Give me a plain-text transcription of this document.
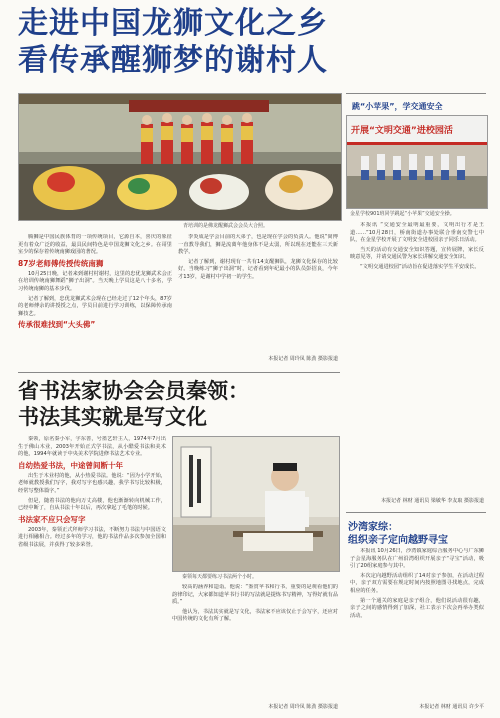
走进中国龙狮文化之乡
看传承醒狮梦的谢村人
青培训的是佛龙醒狮武会会员大合照。

腾狮是中国民族体育的一项传统项目，它源自本，喜庆的象征更有着众广泛的收益，最具民间特色是中国龙狮文化之乡。在哥里室少的保存着传统南狮戏园的著况。

87岁老师傅传授传统南狮

10月25日晚，记者来到谢村村谢村，这里的忠优龙狮武术会正在培训传统南狮舞蹈“狮子出洞”。当天晚上学员这是八十多名，学习传统南狮的基本步伐。

记者了解到，忠优龙狮武术会现在已经走过了12个年头，87岁的老师傅余的讲授授之点，学员目前进行学习训练，以保障传承南狮技艺。

传承很难找到“大头佛”

李炎成是学会目前的大弟子，也是现在学会的负责人。他说“简博一直教导我们，狮是流离年他身体不是太弱，所以现在还能在三天新教学。

记者了解到，谢村现有一共有14支醒狮队，龙狮文化保存的比较好。当晚练习“狮子出洞”时，记者看到年纪最小的队员彭招良，今年才13岁，是谢村中学初一的学生。

本报记者 周玲凤 陈劲 摄影报道
跳“小苹果”，学交通安全
开展“文明交通”进校园活
金星学校901班同学跳起“小苹果”交通安全操。

本报讯 “交通安全最明最重要，文明出行才是王道……”10月28日，桥南街道办事处联合垂南交警七中队，在金星学校开展了文明安全进校园亲子同乐日活动。

当天的活动有交通安全知识答题，宣传展牌，家长反映意见等，并请交通民警为家长讲解交通安全知识。

“文明交通进校园”活动旨在促进落实学生平安成长。

本报记者 林财 通讯员 梁敏华 李友取 摄影报道
省书法家协会会员秦领：
书法其实就是写文化

秦领，原名秦小军，字东善，号墨艺轩主人，1974年7月出生于佛山木业，2003年开始正式学书法，从小酷爱书法和美术的他，1994年就读于中央美术学院进修书法艺术专业。

自幼热爱书法，中途曾间断十年

出生于木业村的他，从小热爱书法。他说：“因为小学开始，老师就教授我们写字，我对写字也感兴趣，我学书写比较积极，经常写整体篇字。”

但是，随着书法的他向万丈高楼，他也渐渐转向机械工作，已经中断了，自从书法十年以后，再次拿起了毛笔的时候。

书法家不应只会写字

2003年，秦领正式拜师学习书法，不断努力书法与中国语文进行相融相合。经过多年的学习，他的书法作品多次参加全国和省级书法展，并获得了较多荣誉。

秦领每天都要练习书法两个小时。

较高的涵养和造诣。他说：“鉴赏苹书和行书，重要的是观看他们的韵律印记，大家都知道苹书行书的写法就是提炼书写精神，写得好就有品质。”

他认为，书法其实就是写文化，书法家不应该仅止于会写字，还应对中国传统的文化有所了解。

本报记者 周玲凤 陈劲 摄影报道
沙湾家综：
组织亲子定向越野寻宝

本报讯 10月26日，沙湾镇家庭综合服务中心与广东狮子会星海服务队在广州沿湾组织开展亲子“寻宝”活动，吸引了20组家庭参与其中。

本次定向越野活动组织了14对亲子参加，在活动过程中，亲子双方需要在规定时间内按照地图寻找地点，完成相应的任务。

第一个通关的家庭是亲子组合，他们说活动很有趣，亲子之间的感情得到了加深，社工表示下次会再举办类似活动。

本报记者 林财 通讯员 许少平
